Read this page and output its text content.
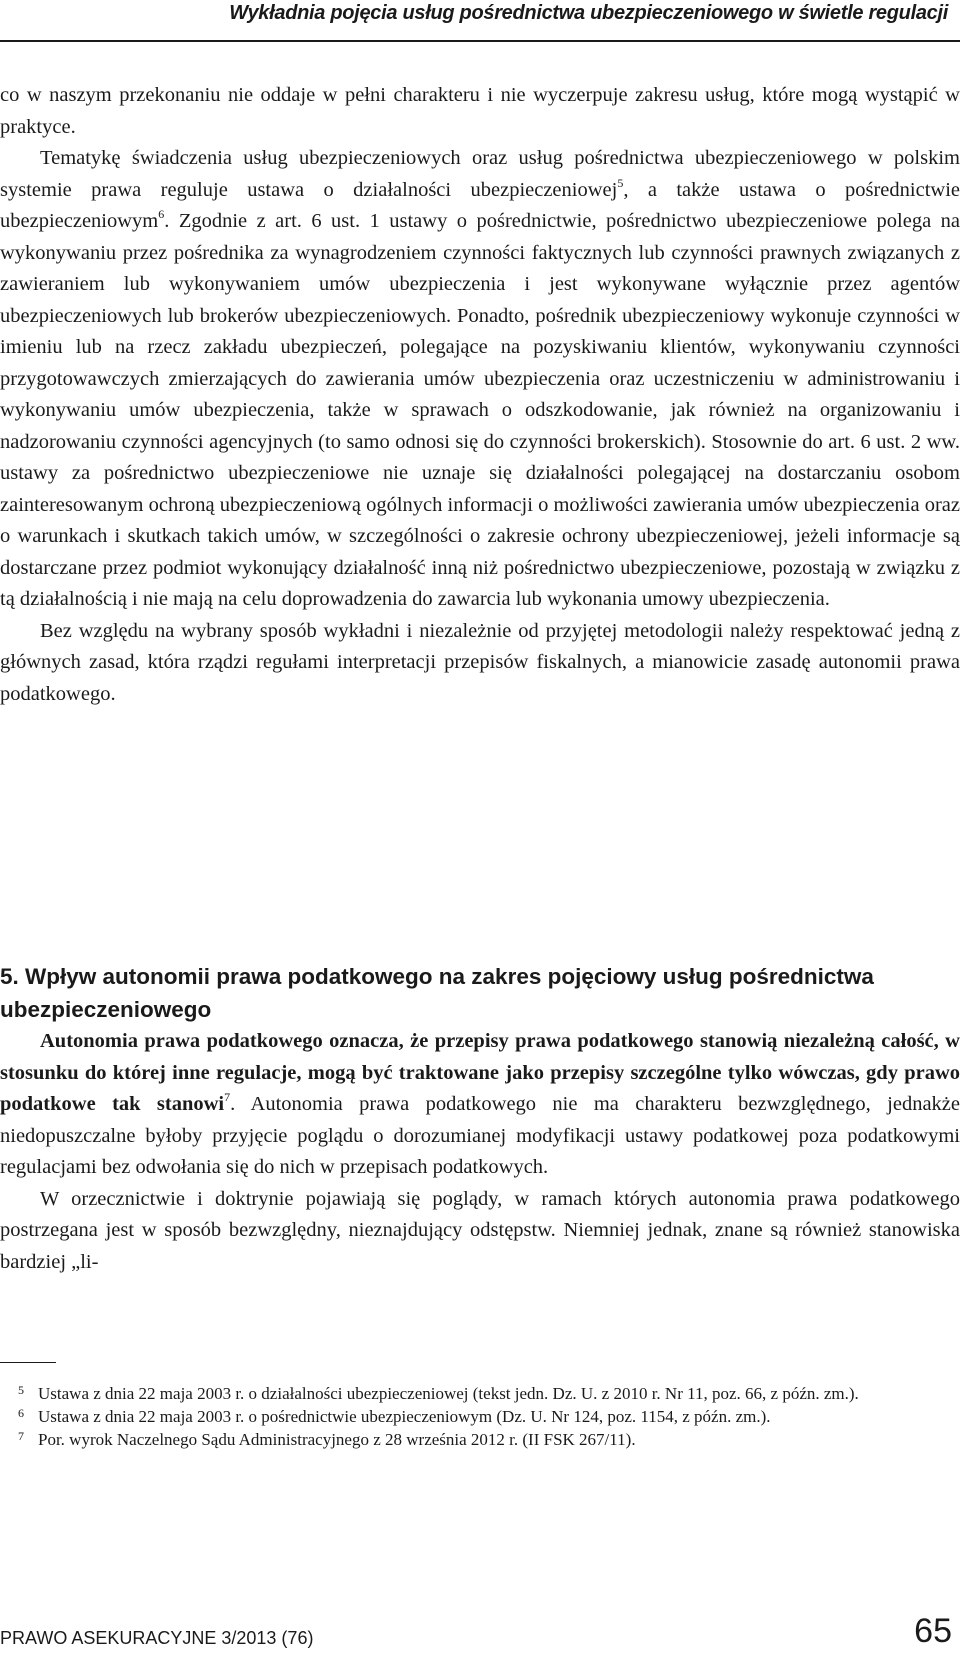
Wykładnia pojęcia usług pośrednictwa ubezpieczeniowego w świetle regulacji

co w naszym przekonaniu nie oddaje w pełni charakteru i nie wyczerpuje zakresu usług, które mogą wystąpić w praktyce.

Tematykę świadczenia usług ubezpieczeniowych oraz usług pośrednictwa ubezpieczeniowego w polskim systemie prawa reguluje ustawa o działalności ubezpieczeniowej$^5$, a także ustawa o pośrednictwie ubezpieczeniowym$^6$. Zgodnie z art. 6 ust. 1 ustawy o pośrednictwie, pośrednictwo ubezpieczeniowe polega na wykonywaniu przez pośrednika za wynagrodzeniem czynności faktycznych lub czynności prawnych związanych z zawieraniem lub wykonywaniem umów ubezpieczenia i jest wykonywane wyłącznie przez agentów ubezpieczeniowych lub brokerów ubezpieczeniowych. Ponadto, pośrednik ubezpieczeniowy wykonuje czynności w imieniu lub na rzecz zakładu ubezpieczeń, polegające na pozyskiwaniu klientów, wykonywaniu czynności przygotowawczych zmierzających do zawierania umów ubezpieczenia oraz uczestniczeniu w administrowaniu i wykonywaniu umów ubezpieczenia, także w sprawach o odszkodowanie, jak również na organizowaniu i nadzorowaniu czynności agencyjnych (to samo odnosi się do czynności brokerskich). Stosownie do art. 6 ust. 2 ww. ustawy za pośrednictwo ubezpieczeniowe nie uznaje się działalności polegającej na dostarczaniu osobom zainteresowanym ochroną ubezpieczeniową ogólnych informacji o możliwości zawierania umów ubezpieczenia oraz o warunkach i skutkach takich umów, w szczególności o zakresie ochrony ubezpieczeniowej, jeżeli informacje są dostarczane przez podmiot wykonujący działalność inną niż pośrednictwo ubezpieczeniowe, pozostają w związku z tą działalnością i nie mają na celu doprowadzenia do zawarcia lub wykonania umowy ubezpieczenia.

Bez względu na wybrany sposób wykładni i niezależnie od przyjętej metodologii należy respektować jedną z głównych zasad, która rządzi regułami interpretacji przepisów fiskalnych, a mianowicie zasadę autonomii prawa podatkowego.

5. Wpływ autonomii prawa podatkowego na zakres pojęciowy usług pośrednictwa ubezpieczeniowego

Autonomia prawa podatkowego oznacza, że przepisy prawa podatkowego stanowią niezależną całość, w stosunku do której inne regulacje, mogą być traktowane jako przepisy szczególne tylko wówczas, gdy prawo podatkowe tak stanowi$^7$. Autonomia prawa podatkowego nie ma charakteru bezwzględnego, jednakże niedopuszczalne byłoby przyjęcie poglądu o dorozumianej modyfikacji ustawy podatkowej poza podatkowymi regulacjami bez odwołania się do nich w przepisach podatkowych.

W orzecznictwie i doktrynie pojawiają się poglądy, w ramach których autonomia prawa podatkowego postrzegana jest w sposób bezwzględny, nieznajdujący odstępstw. Niemniej jednak, znane są również stanowiska bardziej „li-

5 Ustawa z dnia 22 maja 2003 r. o działalności ubezpieczeniowej (tekst jedn. Dz. U. z 2010 r. Nr 11, poz. 66, z późn. zm.).

6 Ustawa z dnia 22 maja 2003 r. o pośrednictwie ubezpieczeniowym (Dz. U. Nr 124, poz. 1154, z późn. zm.).

7 Por. wyrok Naczelnego Sądu Administracyjnego z 28 września 2012 r. (II FSK 267/11).

PRAWO ASEKURACYJNE 3/2013 (76)	65
